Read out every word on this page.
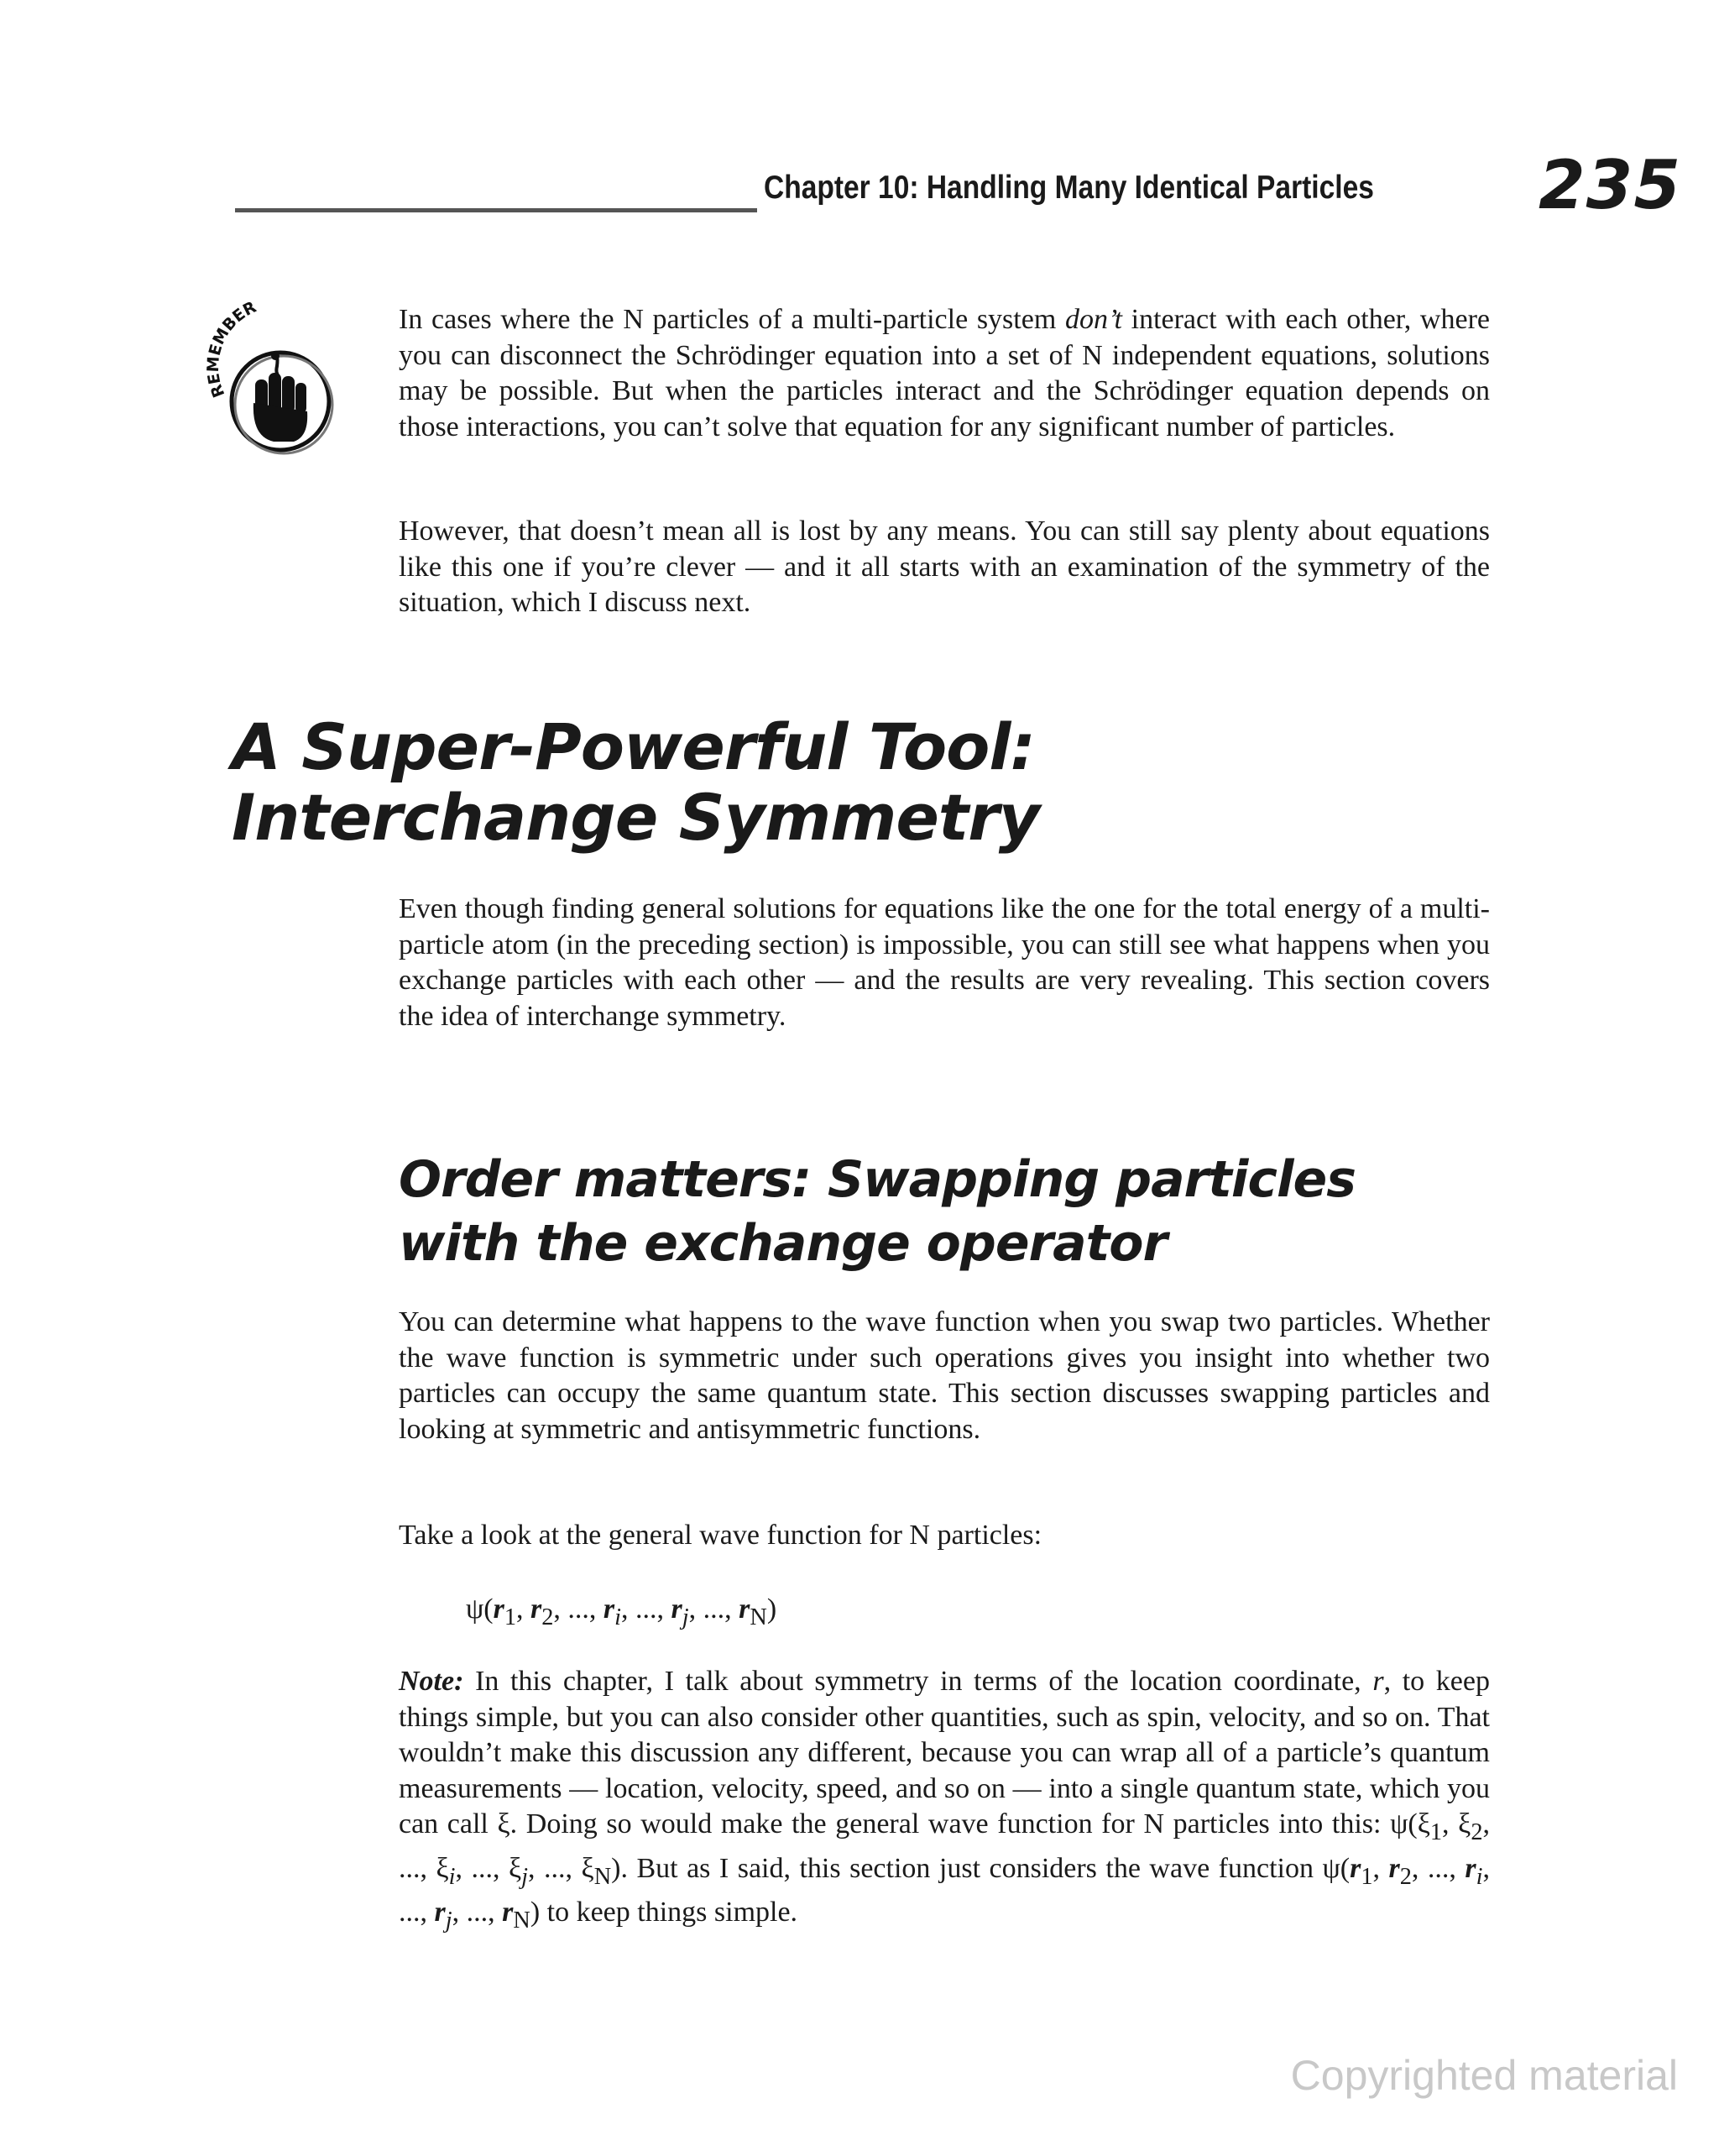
Chapter 10: Handling Many Identical Particles 235
R EMBER	In cases where the N particles of a multi-particle system don’t interact with each other, where you can disconnect the Schrödinger equation into a set of N independent equations, solutions may be possible. But when the particles interact and the Schrödinger equation depends on those interactions, you can’t solve that equation for any significant number of particles.

However, that doesn’t mean all is lost by any means. You can still say plenty about equations like this one if you’re clever — and it all starts with an examination of the symmetry of the situation, which I discuss next.

A Super-Powerful Tool:
Interchange Symmetry

Even though finding general solutions for equations like the one for the total energy of a multi-particle atom (in the preceding section) is impossible, you can still see what happens when you exchange particles with each other — and the results are very revealing. This section covers the idea of interchange symmetry.

Order matters: Swapping particles
with the exchange operator

You can determine what happens to the wave function when you swap two particles. Whether the wave function is symmetric under such operations gives you insight into whether two particles can occupy the same quantum state. This section discusses swapping particles and looking at symmetric and antisymmetric functions.

Take a look at the general wave function for N particles:

$\psi(r_1$, $r_2$, ..., $r_i$, ..., $r_j$, ..., $r_N$)

Note: In this chapter, I talk about symmetry in terms of the location coordinate, r, to keep things simple, but you can also consider other quantities, such as spin, velocity, and so on. That wouldn’t make this discussion any different, because you can wrap all of a particle’s quantum measurements — location, velocity, speed, and so on — into a single quantum state, which you can call ξ. Doing so would make the general wave function for N particles into this: $\psi(\xi_1$, $\xi_2$, ..., $\xi_i$, ..., $\xi_j$, ..., $\xi_N$). But as I said, this section just considers the wave function $\psi(r_1$, $r_2$, ..., $r_i$, ..., $r_j$, ..., $r_N$) to keep things simple.

Copyrighted material
